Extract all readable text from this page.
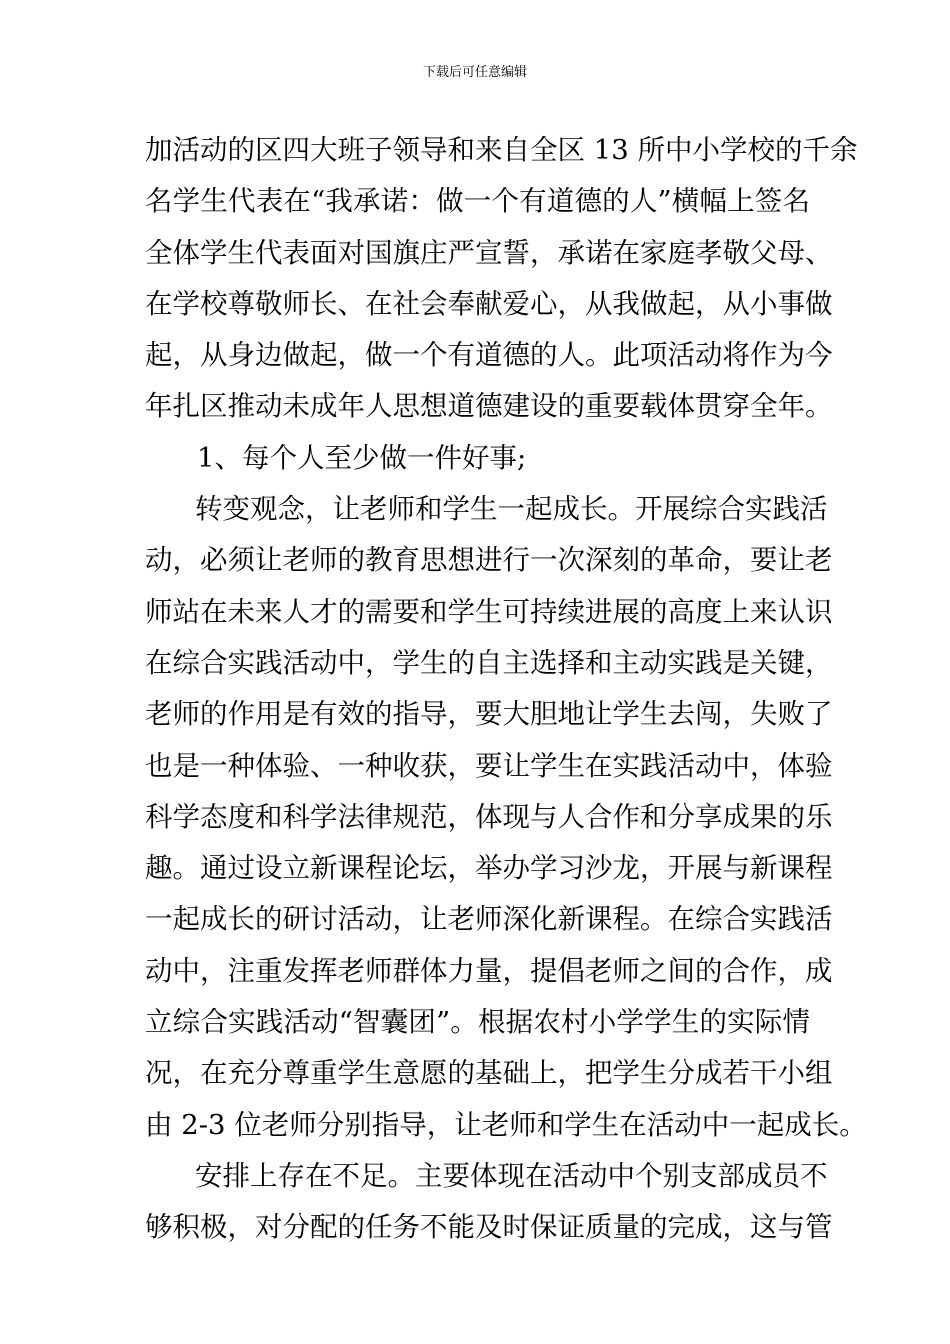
下载后可任意编辑
加活动的区四大班子领导和来自全区 13 所中小学校的千余
名学生代表在“我承诺：做一个有道德的人”横幅上签名
全体学生代表面对国旗庄严宣誓，承诺在家庭孝敬父母、
在学校尊敬师长、在社会奉献爱心，从我做起，从小事做
起，从身边做起，做一个有道德的人。此项活动将作为今
年扎区推动未成年人思想道德建设的重要载体贯穿全年。
1、每个人至少做一件好事;
转变观念，让老师和学生一起成长。开展综合实践活
动，必须让老师的教育思想进行一次深刻的革命，要让老
师站在未来人才的需要和学生可持续进展的高度上来认识
在综合实践活动中，学生的自主选择和主动实践是关键，
老师的作用是有效的指导，要大胆地让学生去闯，失败了
也是一种体验、一种收获，要让学生在实践活动中，体验
科学态度和科学法律规范，体现与人合作和分享成果的乐
趣。通过设立新课程论坛，举办学习沙龙，开展与新课程
一起成长的研讨活动，让老师深化新课程。在综合实践活
动中，注重发挥老师群体力量，提倡老师之间的合作，成
立综合实践活动“智囊团”。根据农村小学学生的实际情
况，在充分尊重学生意愿的基础上，把学生分成若干小组
由 2-3 位老师分别指导，让老师和学生在活动中一起成长。
安排上存在不足。主要体现在活动中个别支部成员不
够积极，对分配的任务不能及时保证质量的完成，这与管
